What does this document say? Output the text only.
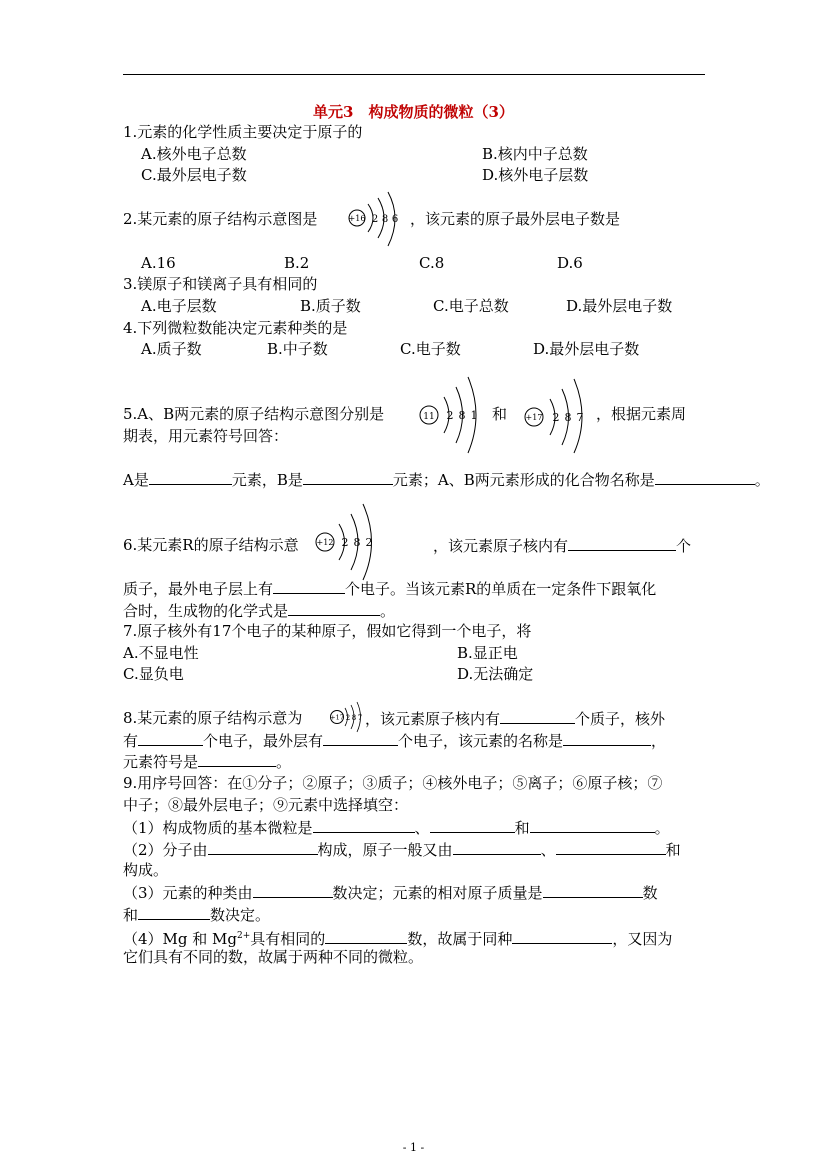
单元3　构成物质的微粒（3）
1.元素的化学性质主要决定于原子的
A.核外电子总数	B.核内中子总数
C.最外层电子数	D.核外电子层数
2.某元素的原子结构示意图是	+16 2 8 6 ，该元素的原子最外层电子数是
A.16	B.2	C.8	D.6
3.镁原子和镁离子具有相同的
A.电子层数	B.质子数	C.电子总数	D.最外层电子数
4.下列微粒数能决定元素种类的是
A.质子数	B.中子数	C.电子数	D.最外层电子数
5.A、B两元素的原子结构示意图分别是	11 2 8 1 和 +17 2 8 7 ，根据元素周
期表，用元素符号回答：
A是	元素，B是	元素；A、B两元素形成的化合物名称是	。
6.某元素R的原子结构示意 +12 2 8 2	，该元素原子核内有	个
质子，最外电子层上有	个电子。当该元素R的单质在一定条件下跟氧化
合时，生成物的化学式是	。
7.原子核外有17个电子的某种原子，假如它得到一个电子，将
A.不显电性	B.显正电
C.显负电	D.无法确定
8.某元素的原子结构示意为	+17 2 8 7 ，该元素原子核内有	个质子，核外
有	个电子，最外层有	个电子，该元素的名称是	，
元素符号是	。
9.用序号回答：在①分子；②原子；③质子；④核外电子；⑤离子；⑥原子核；⑦
中子；⑧最外层电子；⑨元素中选择填空：
（1）构成物质的基本微粒是	、	和	。
（2）分子由	构成，原子一般又由	、	和
构成。
（3）元素的种类由	数决定；元素的相对原子质量是	数
和	数决定。
（4）Mg 和 $Mg^{2+}$具有相同的	数，故属于同种	，又因为
它们具有不同的数，故属于两种不同的微粒。
- 1 -
